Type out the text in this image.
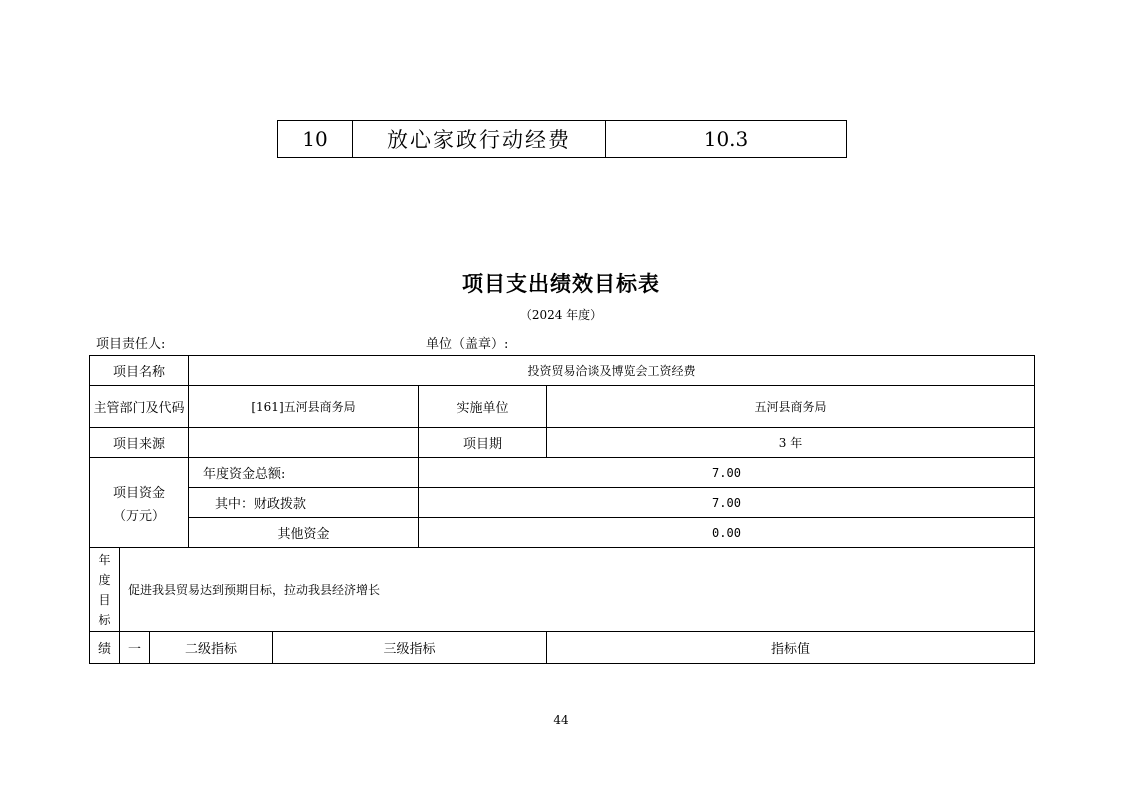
10	放心家政行动经费	10.3
项目支出绩效目标表
（2024 年度）
项目责任人:	单位（盖章）:
项目名称			投资贸易洽谈及博览会工资经费			
主管部门及代码			[161]五河县商务局		实施单位	五河县商务局
项目来源					项目期	3 年

项目资金
（万元）			年度资金总额:		7.00	
			其中：财政拨款		7.00	
			其他资金		0.00	

年
度
目
标	促进我县贸易达到预期目标，拉动我县经济增长					
绩	一	二级指标		三级指标		指标值
44
